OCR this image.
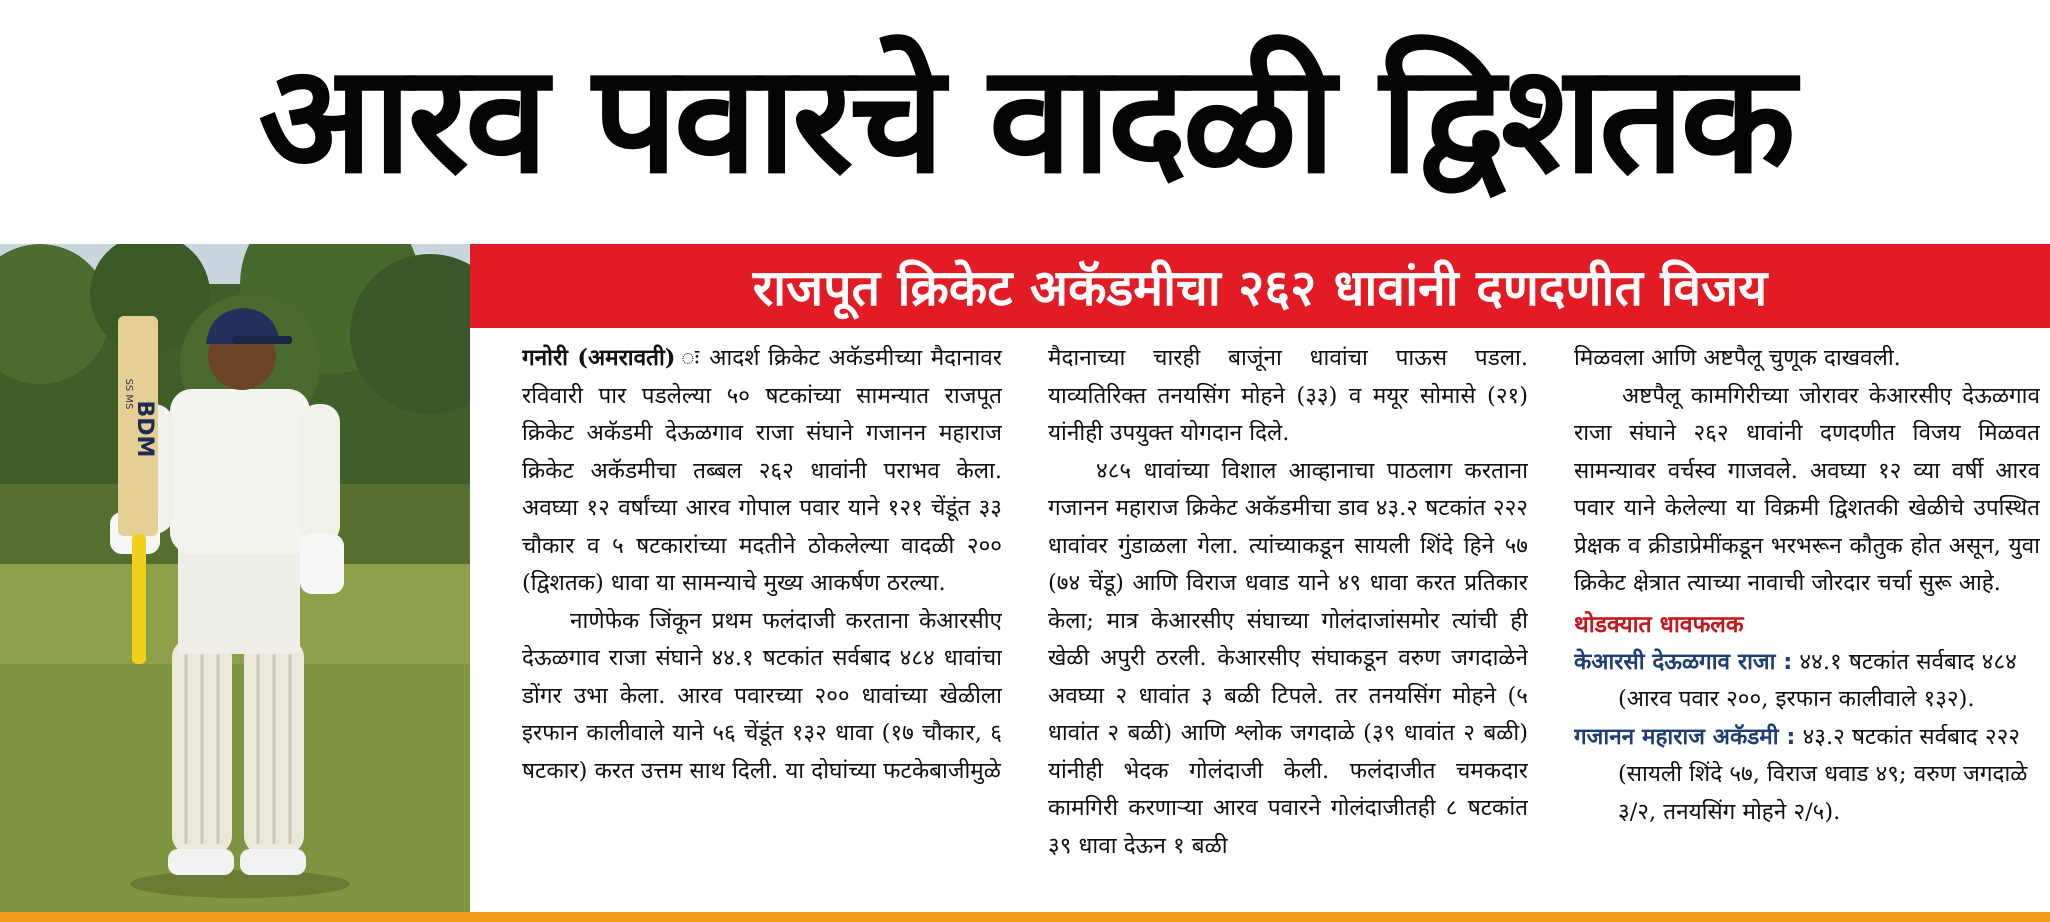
आरव पवारचे वादळी द्विशतक
BDM
SS MS
राजपूत क्रिकेट अकॅडमीचा २६२ धावांनी दणदणीत विजय

गनोरी (अमरावती) ः आदर्श क्रिकेट अकॅडमीच्या मैदानावर रविवारी पार पडलेल्या ५० षटकांच्या सामन्यात राजपूत क्रिकेट अकॅडमी देऊळगाव राजा संघाने गजानन महाराज क्रिकेट अकॅडमीचा तब्बल २६२ धावांनी पराभव केला. अवघ्या १२ वर्षांच्या आरव गोपाल पवार याने १२१ चेंडूंत ३३ चौकार व ५ षटकारांच्या मदतीने ठोकलेल्या वादळी २०० (द्विशतक) धावा या सामन्याचे मुख्य आकर्षण ठरल्या.

नाणेफेक जिंकून प्रथम फलंदाजी करताना केआरसीए देऊळगाव राजा संघाने ४४.१ षटकांत सर्वबाद ४८४ धावांचा डोंगर उभा केला. आरव पवारच्या २०० धावांच्या खेळीला इरफान कालीवाले याने ५६ चेंडूंत १३२ धावा (१७ चौकार, ६ षटकार) करत उत्तम साथ दिली. या दोघांच्या फटकेबाजीमुळे

मैदानाच्या चारही बाजूंना धावांचा पाऊस पडला. याव्यतिरिक्त तनयसिंग मोहने (३३) व मयूर सोमासे (२१) यांनीही उपयुक्त योगदान दिले.

४८५ धावांच्या विशाल आव्हानाचा पाठलाग करताना गजानन महाराज क्रिकेट अकॅडमीचा डाव ४३.२ षटकांत २२२ धावांवर गुंडाळला गेला. त्यांच्याकडून सायली शिंदे हिने ५७ (७४ चेंडू) आणि विराज धवाड याने ४९ धावा करत प्रतिकार केला; मात्र केआरसीए संघाच्या गोलंदाजांसमोर त्यांची ही खेळी अपुरी ठरली. केआरसीए संघाकडून वरुण जगदाळेने अवघ्या २ धावांत ३ बळी टिपले. तर तनयसिंग मोहने (५ धावांत २ बळी) आणि श्लोक जगदाळे (३९ धावांत २ बळी) यांनीही भेदक गोलंदाजी केली. फलंदाजीत चमकदार कामगिरी करणाऱ्या आरव पवारने गोलंदाजीतही ८ षटकांत ३९ धावा देऊन १ बळी

मिळवला आणि अष्टपैलू चुणूक दाखवली.

अष्टपैलू कामगिरीच्या जोरावर केआरसीए देऊळगाव राजा संघाने २६२ धावांनी दणदणीत विजय मिळवत सामन्यावर वर्चस्व गाजवले. अवघ्या १२ व्या वर्षी आरव पवार याने केलेल्या या विक्रमी द्विशतकी खेळीचे उपस्थित प्रेक्षक व क्रीडाप्रेमींकडून भरभरून कौतुक होत असून, युवा क्रिकेट क्षेत्रात त्याच्या नावाची जोरदार चर्चा सुरू आहे.

थोडक्यात धावफलक

केआरसी देऊळगाव राजा : ४४.१ षटकांत सर्वबाद ४८४ (आरव पवार २००, इरफान कालीवाले १३२).

गजानन महाराज अकॅडमी : ४३.२ षटकांत सर्वबाद २२२ (सायली शिंदे ५७, विराज धवाड ४९; वरुण जगदाळे ३/२, तनयसिंग मोहने २/५).
